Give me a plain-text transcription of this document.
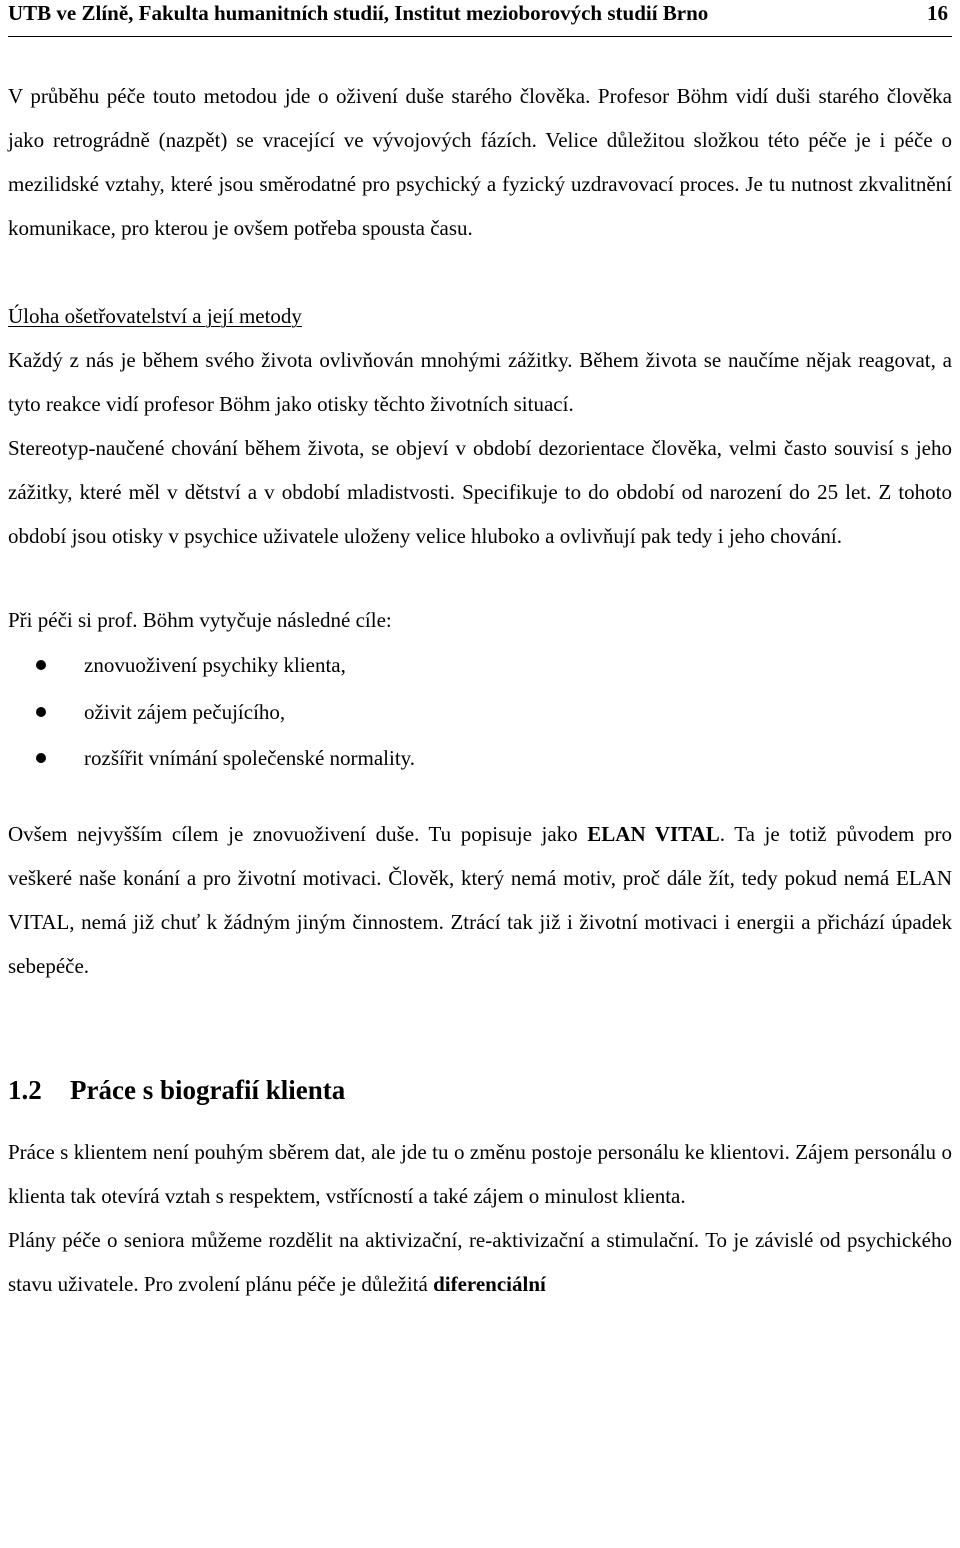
UTB ve Zlíně, Fakulta humanitních studií, Institut mezioborových studií Brno	16

V průběhu péče touto metodou jde o oživení duše starého člověka. Profesor Böhm vidí duši starého člověka jako retrográdně (nazpět) se vracející ve vývojových fázích. Velice důležitou složkou této péče je i péče o mezilidské vztahy, které jsou směrodatné pro psychický a fyzický uzdravovací proces. Je tu nutnost zkvalitnění komunikace, pro kterou je ovšem potřeba spousta času.

Úloha ošetřovatelství a její metody

Každý z nás je během svého života ovlivňován mnohými zážitky. Během života se naučíme nějak reagovat, a tyto reakce vidí profesor Böhm jako otisky těchto životních situací.

Stereotyp-naučené chování během života, se objeví v období dezorientace člověka, velmi často souvisí s jeho zážitky, které měl v dětství a v období mladistvosti. Specifikuje to do období od narození do 25 let. Z tohoto období jsou otisky v psychice uživatele uloženy velice hluboko a ovlivňují pak tedy i jeho chování.

Při péči si prof. Böhm vytyčuje následné cíle:

znovuoživení psychiky klienta,
oživit zájem pečujícího,
rozšířit vnímání společenské normality.

Ovšem nejvyšším cílem je znovuoživení duše. Tu popisuje jako ELAN VITAL. Ta je totiž původem pro veškeré naše konání a pro životní motivaci. Člověk, který nemá motiv, proč dále žít, tedy pokud nemá ELAN VITAL, nemá již chuť k žádným jiným činnostem. Ztrácí tak již i životní motivaci i energii a přichází úpadek sebepéče.

1.2 Práce s biografií klienta

Práce s klientem není pouhým sběrem dat, ale jde tu o změnu postoje personálu ke klientovi. Zájem personálu o klienta tak otevírá vztah s respektem, vstřícností a také zájem o minulost klienta.

Plány péče o seniora můžeme rozdělit na aktivizační, re-aktivizační a stimulační. To je závislé od psychického stavu uživatele. Pro zvolení plánu péče je důležitá diferenciální
